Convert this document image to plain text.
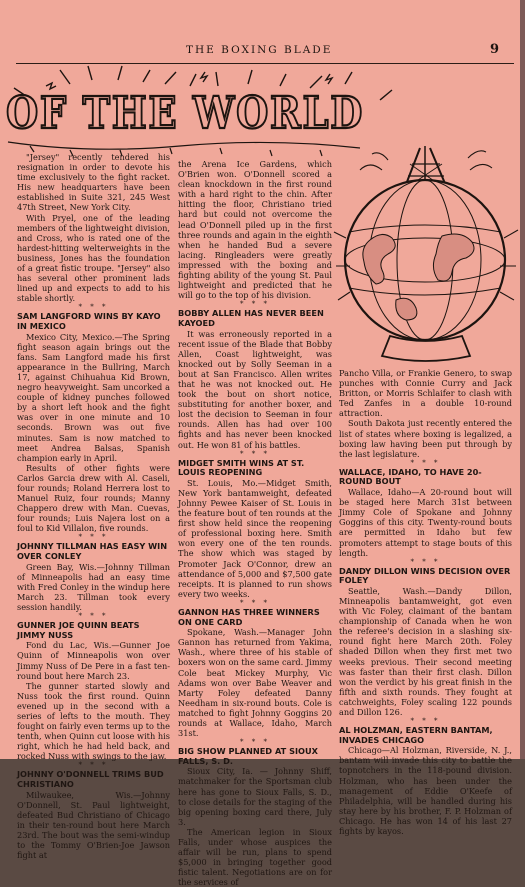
THE BOXING BLADE	9
OF THE WORLD

"Jersey" recently tendered his resignation in order to devote his time exclusively to the fight racket. His new headquarters have been established in Suite 321, 245 West 47th Street, New York City.

With Pryel, one of the leading members of the lightweight division, and Cross, who is rated one of the hardest-hitting welterweights in the business, Jones has the foundation of a great fistic troupe. "Jersey" also has several other prominent lads lined up and expects to add to his stable shortly.

* * *
SAM LANGFORD WINS BY KAYO IN MEXICO

Mexico City, Mexico.—The Spring fight season again brings out the fans. Sam Langford made his first appearance in the Bullring, March 17, against Chihuahua Kid Brown, negro heavyweight. Sam uncorked a couple of kidney punches followed by a short left hook and the fight was over in one minute and 10 seconds. Brown was out five minutes. Sam is now matched to meet Andrea Balsas, Spanish champion early in April.

Results of other fights were Carlos Garcia drew with Al. Caseli, four rounds; Roland Herrera lost to Manuel Ruiz, four rounds; Manny Chappero drew with Man. Cuevas, four rounds; Luis Najera lost on a foul to Kid Villalon, five rounds.

* * *
JOHNNY TILLMAN HAS EASY WIN OVER CONLEY

Green Bay, Wis.—Johnny Tillman of Minneapolis had an easy time with Fred Conley in the windup here March 23. Tillman took every session handily.

* * *
GUNNER JOE QUINN BEATS JIMMY NUSS

Fond du Lac, Wis.—Gunner Joe Quinn of Minneapolis won over Jimmy Nuss of De Pere in a fast ten-round bout here March 23.

The gunner started slowly and Nuss took the first round. Quinn evened up in the second with a series of lefts to the mouth. They fought on fairly even terms up to the tenth, when Quinn cut loose with his right, which he had held back, and rocked Nuss with swings to the jaw.

* * *
JOHNNY O'DONNELL TRIMS BUD CHRISTIANO

Milwaukee, Wis.—Johnny O'Donnell, St. Paul lightweight, defeated Bud Christiano of Chicago in their ten-round bout here March 23rd. The bout was the semi-windup to the Tommy O'Brien-Joe Jawson fight at

the Arena Ice Gardens, which O'Brien won. O'Donnell scored a clean knockdown in the first round with a hard right to the chin. After hitting the floor, Christiano tried hard but could not overcome the lead O'Donnell piled up in the first three rounds and again in the eighth when he handed Bud a severe lacing. Ringleaders were greatly impressed with the boxing and fighting ability of the young St. Paul lightweight and predicted that he will go to the top of his division.

* * *
BOBBY ALLEN HAS NEVER BEEN KAYOED

It was erroneously reported in a recent issue of the Blade that Bobby Allen, Coast lightweight, was knocked out by Solly Seeman in a bout at San Francisco. Allen writes that he was not knocked out. He took the bout on short notice, substituting for another boxer, and lost the decision to Seeman in four rounds. Allen has had over 100 fights and has never been knocked out. He won 81 of his battles.

* * *
MIDGET SMITH WINS AT ST. LOUIS REOPENING

St. Louis, Mo.—Midget Smith, New York bantamweight, defeated Johnny Pewee Kaiser of St. Louis in the feature bout of ten rounds at the first show held since the reopening of professional boxing here. Smith won every one of the ten rounds. The show which was staged by Promoter Jack O'Connor, drew an attendance of 5,000 and $7,500 gate receipts. It is planned to run shows every two weeks.

* * *
GANNON HAS THREE WINNERS ON ONE CARD

Spokane, Wash.—Manager John Gannon has returned from Yakima, Wash., where three of his stable of boxers won on the same card. Jimmy Cole beat Mickey Murphy, Vic Adams won over Babe Weaver and Marty Foley defeated Danny Needham in six-round bouts. Cole is matched to fight Johnny Goggins 20 rounds at Wallace, Idaho, March 31st.

* * *
BIG SHOW PLANNED AT SIOUX FALLS, S. D.

Sioux City, Ia. — Johnny Shiff, matchmaker for the Sportsman club here has gone to Sioux Falls, S. D., to close details for the staging of the big opening boxing card there, July 3.

The American legion in Sioux Falls, under whose auspices the affair will be run, plans to spend $5,000 in bringing together good fistic talent. Negotiations are on for the services of

Pancho Villa, or Frankie Genero, to swap punches with Connie Curry and Jack Britton, or Morris Schlaifer to clash with Ted Zanfes in a double 10-round attraction.

South Dakota just recently entered the list of states where boxing is legalized, a boxing law having been put through by the last legislature.

* * *
WALLACE, IDAHO, TO HAVE 20-ROUND BOUT

Wallace, Idaho—A 20-round bout will be staged here March 31st between Jimmy Cole of Spokane and Johnny Goggins of this city. Twenty-round bouts are permitted in Idaho but few promoters attempt to stage bouts of this length.

* * *
DANDY DILLON WINS DECISION OVER FOLEY

Seattle, Wash.—Dandy Dillon, Minneapolis bantamweight, got even with Vic Foley, claimant of the bantam championship of Canada when he won the referee's decision in a slashing six-round fight here March 20th. Foley shaded Dillon when they first met two weeks previous. Their second meeting was faster than their first clash. Dillon won the verdict by his great finish in the fifth and sixth rounds. They fought at catchweights, Foley scaling 122 pounds and Dillon 126.

* * *
AL HOLZMAN, EASTERN BANTAM, INVADES CHICAGO

Chicago—Al Holzman, Riverside, N. J., bantam will invade this city to battle the topnotchers in the 118-pound division. Holzman, who has been under the management of Eddie O'Keefe of Philadelphia, will be handled during his stay here by his brother, F. P. Holzman of Chicago. He has won 14 of his last 27 fights by kayos.
